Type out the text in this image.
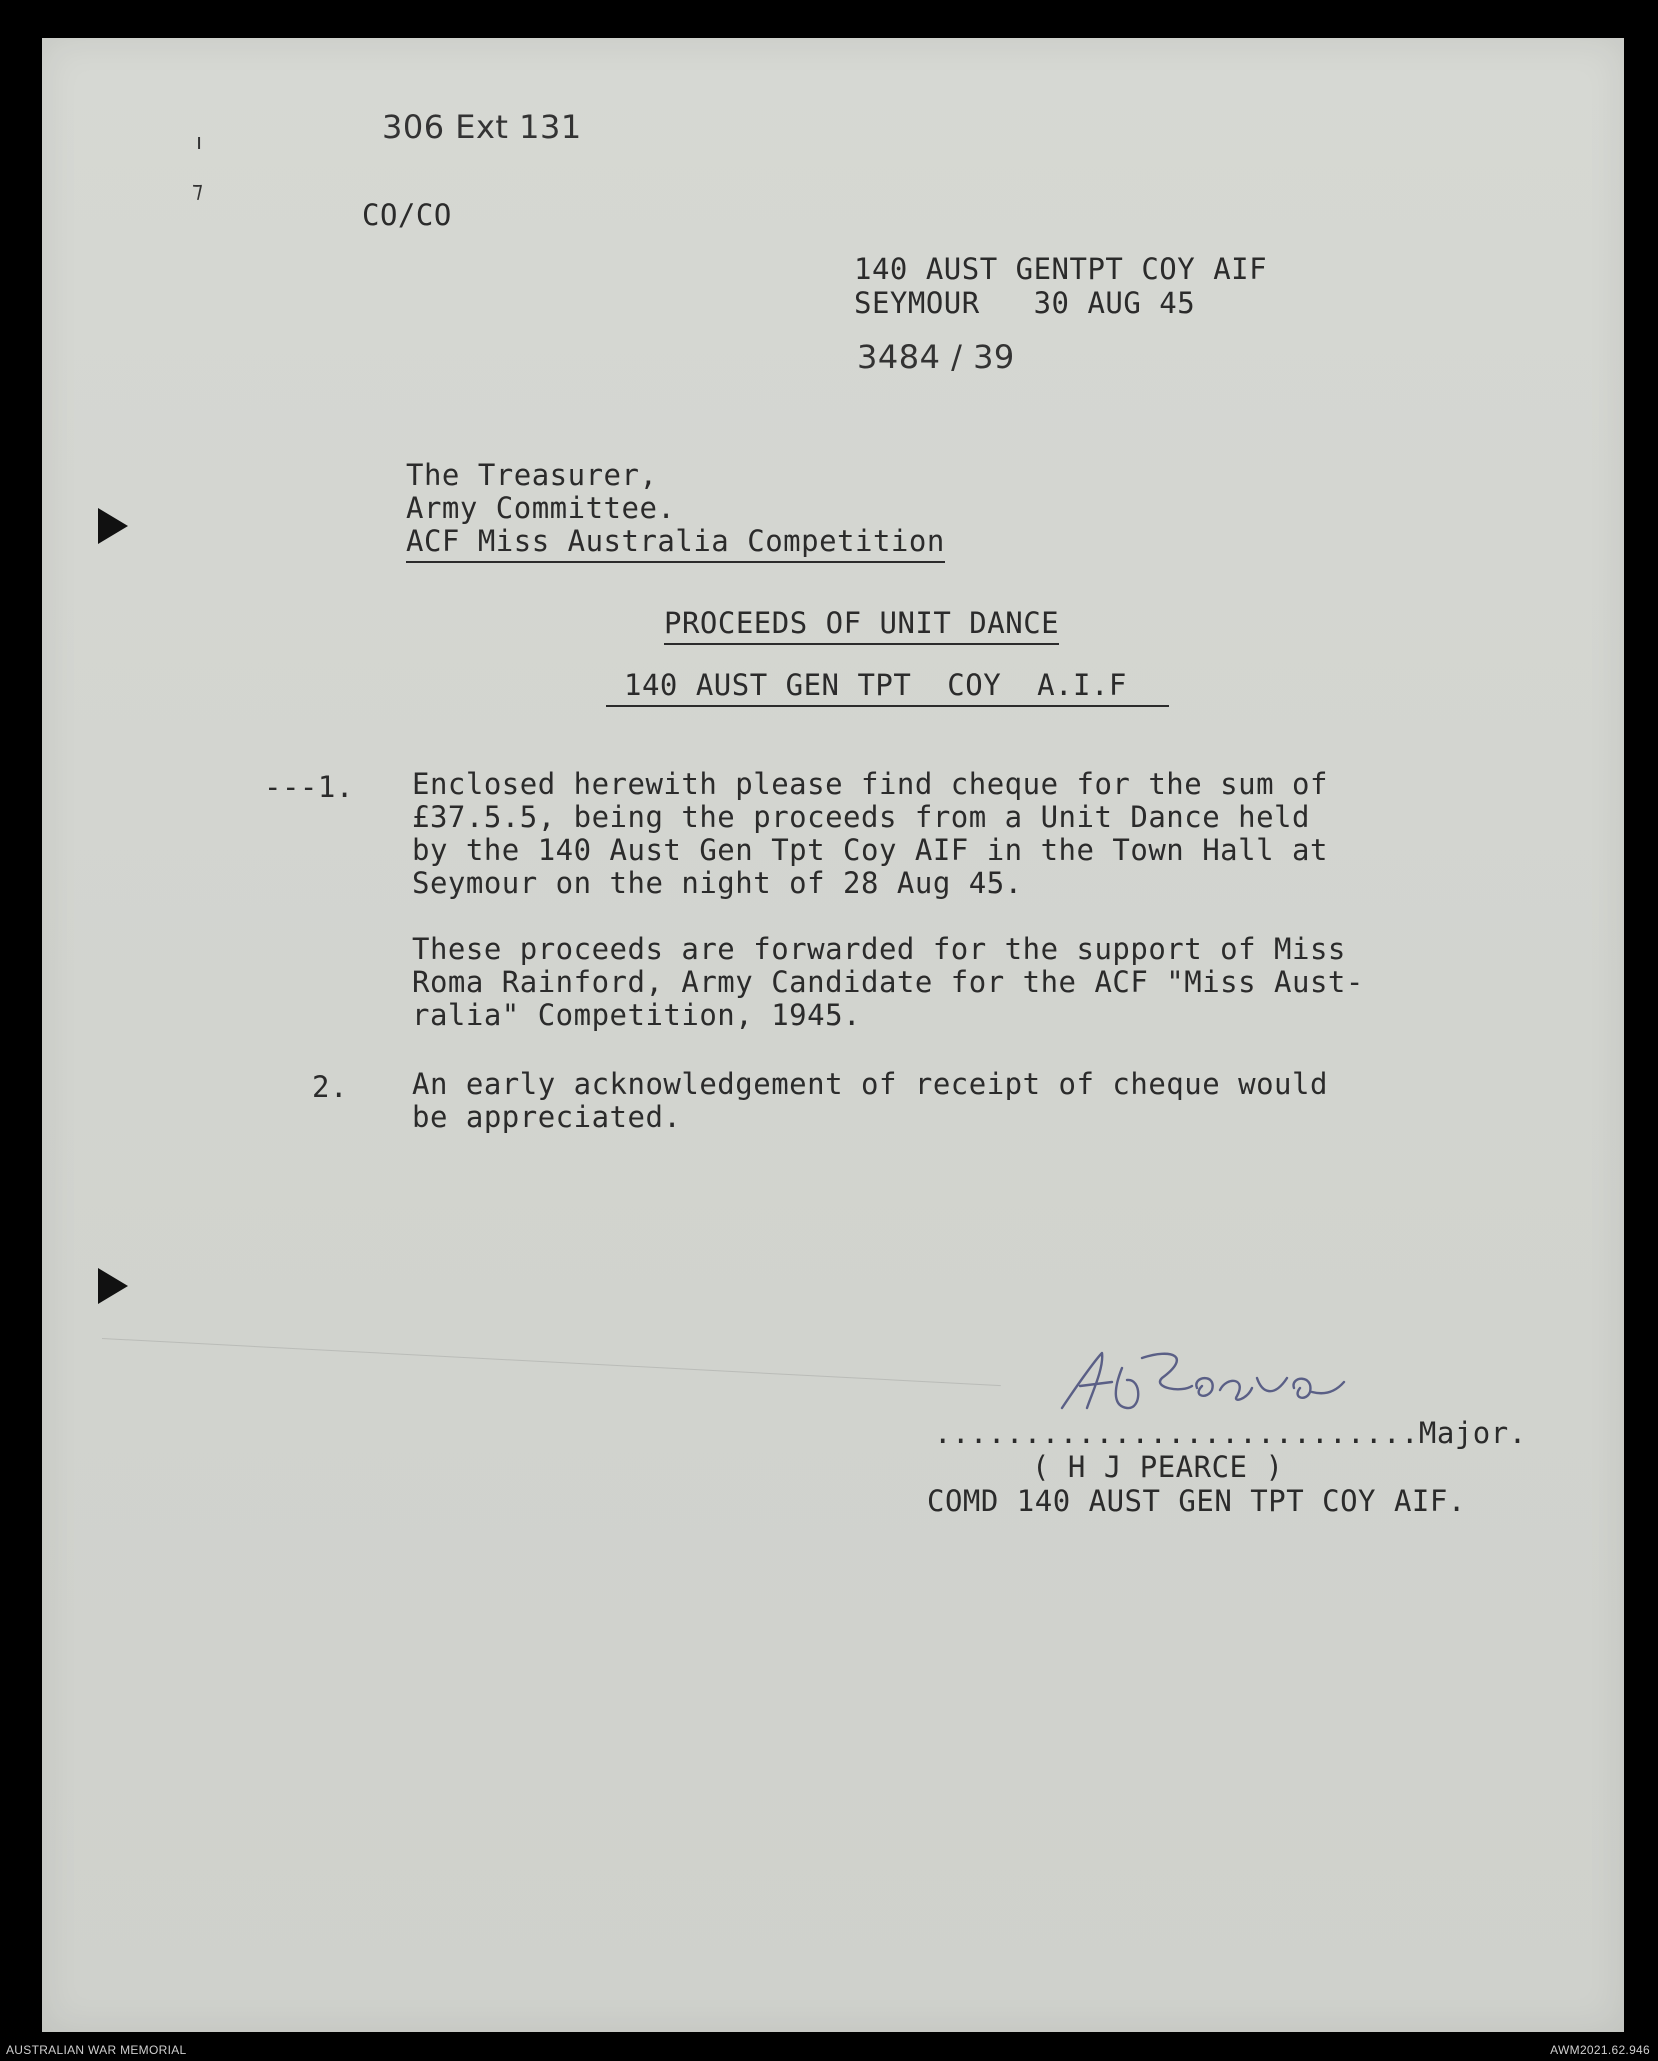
ı
⁊
306 Ext 131
CO/CO
140 AUST GENTPT COY AIF
SEYMOUR   30 AUG 45
3484 / 39
The Treasurer,
Army Committee.
ACF Miss Australia Competition
PROCEEDS OF UNIT DANCE
140 AUST GEN TPT  COY  A.I.F
---1. Enclosed herewith please find cheque for the sum of
£37.5.5, being the proceeds from a Unit Dance held
by the 140 Aust Gen Tpt Coy AIF in the Town Hall at
Seymour on the night of 28 Aug 45.
These proceeds are forwarded for the support of Miss
Roma Rainford, Army Candidate for the ACF "Miss Aust-
ralia" Competition, 1945.
2. An early acknowledgement of receipt of cheque would
be appreciated.
...........................Major.
( H J PEARCE )
COMD 140 AUST GEN TPT COY AIF.
AUSTRALIAN WAR MEMORIAL	AWM2021.62.946
